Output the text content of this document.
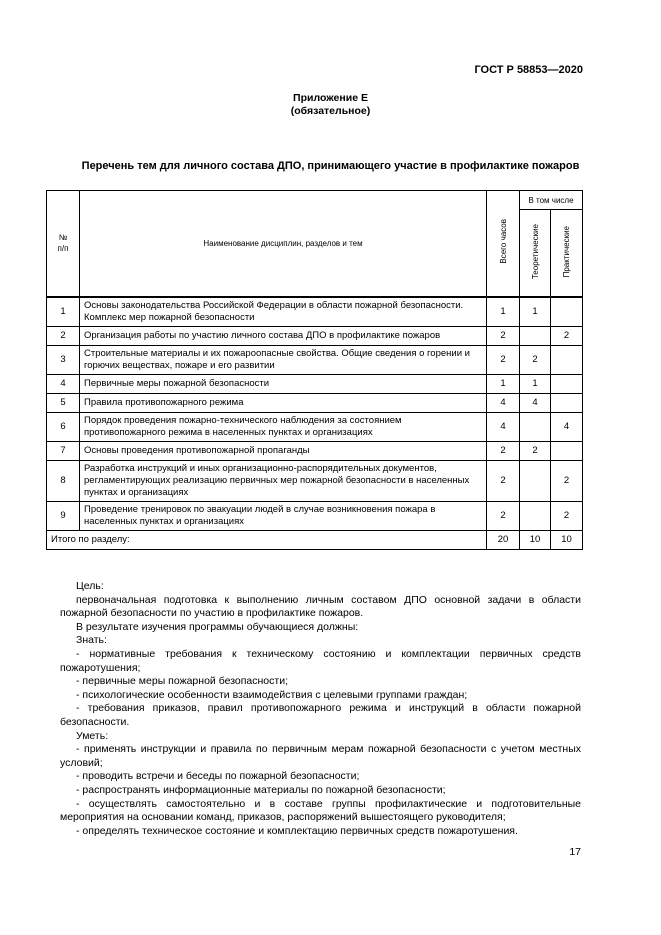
ГОСТ Р 58853—2020
Приложение Е
(обязательное)
Перечень тем для личного состава ДПО, принимающего участие в профилактике пожаров
№
п/п	Наименование дисциплин, разделов и тем	Всего часов	В том числе	
			Теоретические	Практические
1	Основы законодательства Российской Федерации в области пожарной безопасности. Комплекс мер пожарной безопасности	1	1	
2	Организация работы по участию личного состава ДПО в профилактике пожаров	2		2
3	Строительные материалы и их пожароопасные свойства. Общие сведения о горении и горючих веществах, пожаре и его развитии	2	2	
4	Первичные меры пожарной безопасности	1	1	
5	Правила противопожарного режима	4	4	
6	Порядок проведения пожарно-технического наблюдения за состоянием противопожарного режима в населенных пунктах и организациях	4		4
7	Основы проведения противопожарной пропаганды	2	2	
8	Разработка инструкций и иных организационно-распорядительных документов, регламентирующих реализацию первичных мер пожарной безопасности в населенных пунктах и организациях	2		2
9	Проведение тренировок по эвакуации людей в случае возникновения пожара в населенных пунктах и организациях	2		2
Итого по разделу:		20	10	10

Цель:

первоначальная подготовка к выполнению личным составом ДПО основной задачи в области пожарной безопасности по участию в профилактике пожаров.

В результате изучения программы обучающиеся должны:

Знать:

- нормативные требования к техническому состоянию и комплектации первичных средств пожаротушения;

- первичные меры пожарной безопасности;

- психологические особенности взаимодействия с целевыми группами граждан;

- требования приказов, правил противопожарного режима и инструкций в области пожарной безопасности.

Уметь:

- применять инструкции и правила по первичным мерам пожарной безопасности с учетом местных условий;

- проводить встречи и беседы по пожарной безопасности;

- распространять информационные материалы по пожарной безопасности;

- осуществлять самостоятельно и в составе группы профилактические и подготовительные мероприятия на основании команд, приказов, распоряжений вышестоящего руководителя;

- определять техническое состояние и комплектацию первичных средств пожаротушения.

17
